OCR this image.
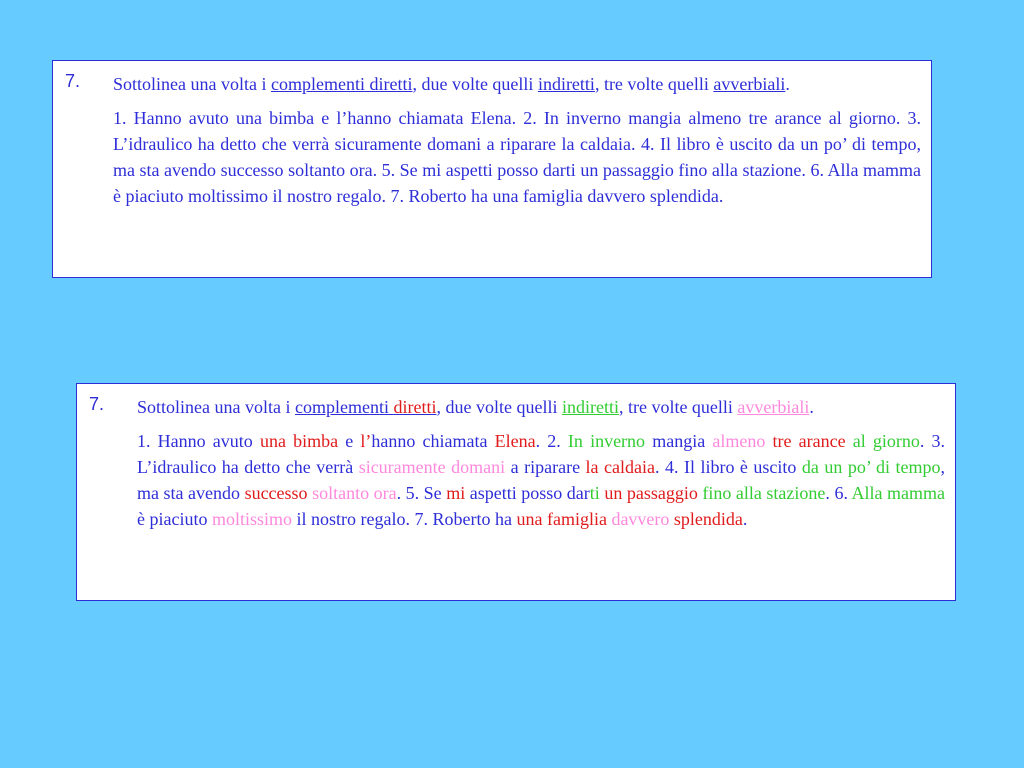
7. Sottolinea una volta i complementi diretti, due volte quelli indiretti, tre volte quelli avverbiali.

1. Hanno avuto una bimba e l’hanno chiamata Elena. 2. In inverno mangia almeno tre arance al giorno. 3. L’idraulico ha detto che verrà sicuramente domani a riparare la caldaia. 4. Il libro è uscito da un po’ di tempo, ma sta avendo successo soltanto ora. 5. Se mi aspetti posso darti un passaggio fino alla stazione. 6. Alla mamma è piaciuto moltissimo il nostro regalo. 7. Roberto ha una famiglia davvero splendida.

7. Sottolinea una volta i complementi diretti, due volte quelli indiretti, tre volte quelli avverbiali.

1. Hanno avuto una bimba e l’hanno chiamata Elena. 2. In inverno mangia almeno tre arance al giorno. 3. L’idraulico ha detto che verrà sicuramente domani a riparare la caldaia. 4. Il libro è uscito da un po’ di tempo, ma sta avendo successo soltanto ora. 5. Se mi aspetti posso darti un passaggio fino alla stazione. 6. Alla mamma è piaciuto moltissimo il nostro regalo. 7. Roberto ha una famiglia davvero splendida.
